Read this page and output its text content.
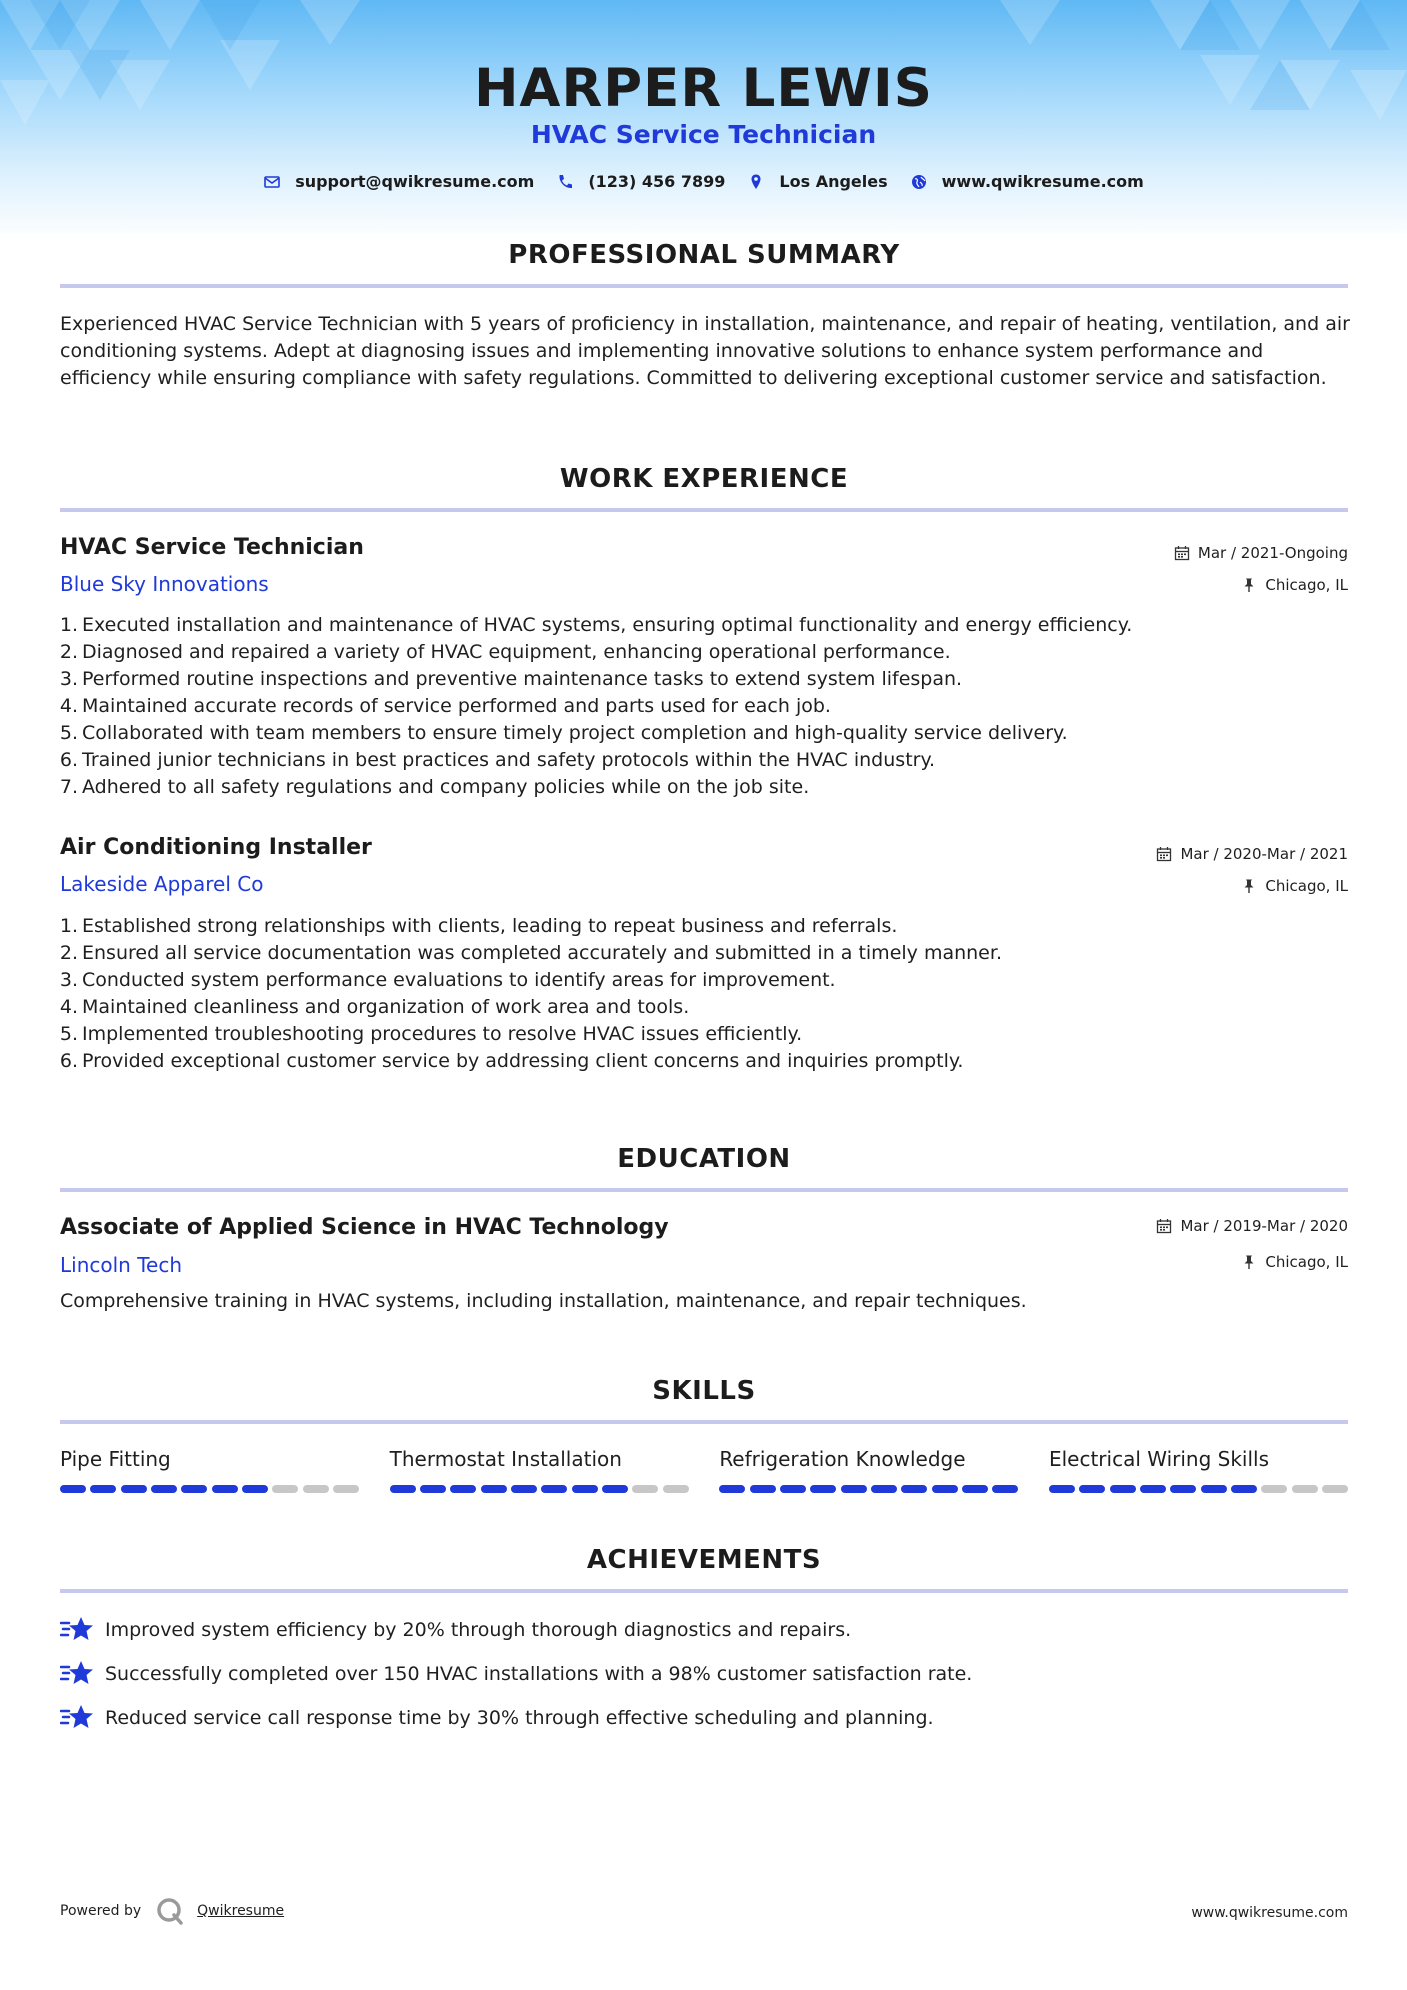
HARPER LEWIS
HVAC Service Technician
support@qwikresume.com	(123) 456 7899	Los Angeles	www.qwikresume.com
PROFESSIONAL SUMMARY
Experienced HVAC Service Technician with 5 years of proficiency in installation, maintenance, and repair of heating, ventilation, and air conditioning systems. Adept at diagnosing issues and implementing innovative solutions to enhance system performance and efficiency while ensuring compliance with safety regulations. Committed to delivering exceptional customer service and satisfaction.
WORK EXPERIENCE
HVAC Service Technician
Blue Sky Innovations
Mar / 2021-Ongoing
Chicago, IL
1. Executed installation and maintenance of HVAC systems, ensuring optimal functionality and energy efficiency.
2. Diagnosed and repaired a variety of HVAC equipment, enhancing operational performance.
3. Performed routine inspections and preventive maintenance tasks to extend system lifespan.
4. Maintained accurate records of service performed and parts used for each job.
5. Collaborated with team members to ensure timely project completion and high-quality service delivery.
6. Trained junior technicians in best practices and safety protocols within the HVAC industry.
7. Adhered to all safety regulations and company policies while on the job site.
Air Conditioning Installer
Lakeside Apparel Co
Mar / 2020-Mar / 2021
Chicago, IL
1. Established strong relationships with clients, leading to repeat business and referrals.
2. Ensured all service documentation was completed accurately and submitted in a timely manner.
3. Conducted system performance evaluations to identify areas for improvement.
4. Maintained cleanliness and organization of work area and tools.
5. Implemented troubleshooting procedures to resolve HVAC issues efficiently.
6. Provided exceptional customer service by addressing client concerns and inquiries promptly.
EDUCATION
Associate of Applied Science in HVAC Technology
Lincoln Tech
Mar / 2019-Mar / 2020
Chicago, IL
Comprehensive training in HVAC systems, including installation, maintenance, and repair techniques.
SKILLS
Pipe Fitting	Thermostat Installation	Refrigeration Knowledge	Electrical Wiring Skills
ACHIEVEMENTS
Improved system efficiency by 20% through thorough diagnostics and repairs.
Successfully completed over 150 HVAC installations with a 98% customer satisfaction rate.
Reduced service call response time by 30% through effective scheduling and planning.
Powered by	Qwikresume	www.qwikresume.com
